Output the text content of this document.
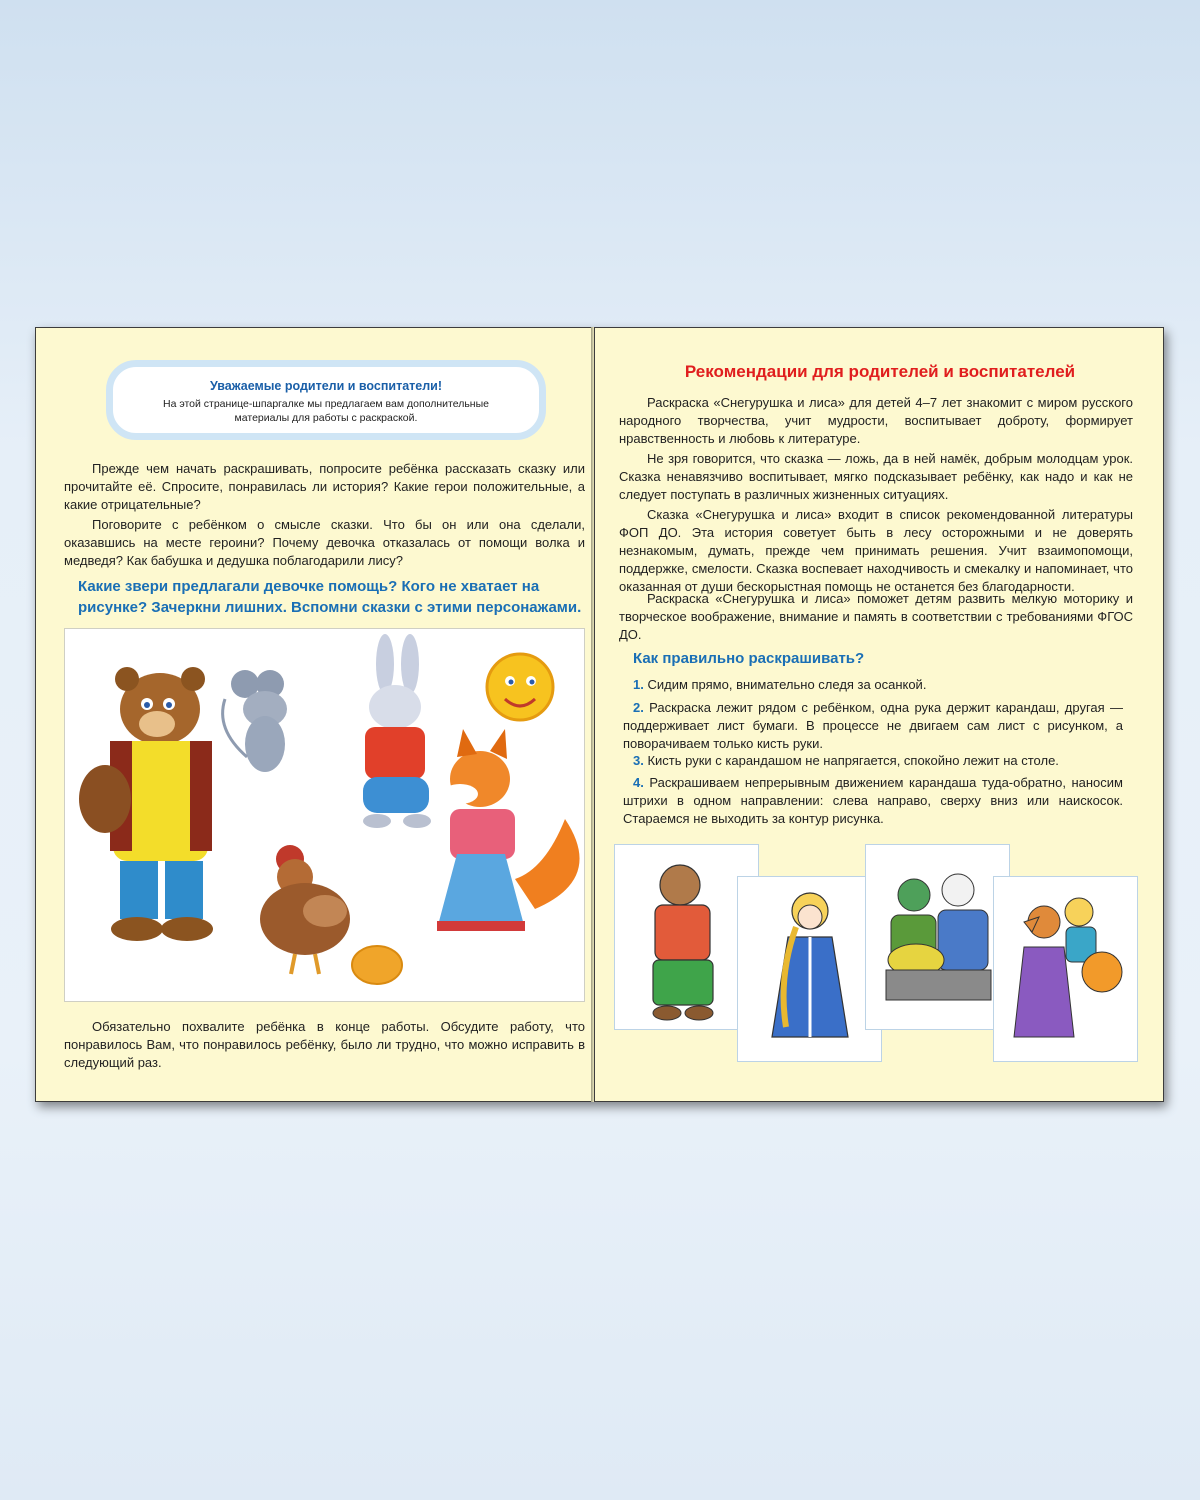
Уважаемые родители и воспитатели!
На этой странице-шпаргалке мы предлагаем вам дополнительные
материалы для работы с раскраской.

Прежде чем начать раскрашивать, попросите ребёнка рассказать сказку или прочитайте её. Спросите, понравилась ли история? Какие герои положительные, а какие отрицательные?

Поговорите с ребёнком о смысле сказки. Что бы он или она сделали, оказавшись на месте героини? Почему девочка отказалась от помощи волка и медведя? Как бабушка и дедушка поблагодарили лису?

Какие звери предлагали девочке помощь? Кого не хватает на рисунке? Зачеркни лишних. Вспомни сказки с этими персонажами.

Обязательно похвалите ребёнка в конце работы. Обсудите работу, что понравилось Вам, что понравилось ребёнку, было ли трудно, что можно исправить в следующий раз.

Рекомендации для родителей и воспитателей

Раскраска «Снегурушка и лиса» для детей 4–7 лет знакомит с миром русского народного творчества, учит мудрости, воспитывает доброту, формирует нравственность и любовь к литературе.

Не зря говорится, что сказка — ложь, да в ней намёк, добрым молодцам урок. Сказка ненавязчиво воспитывает, мягко подсказывает ребёнку, как надо и как не следует поступать в различных жизненных ситуациях.

Сказка «Снегурушка и лиса» входит в список рекомендованной литературы ФОП ДО. Эта история советует быть в лесу осторожными и не доверять незнакомым, думать, прежде чем принимать решения. Учит взаимопомощи, поддержке, смелости. Сказка воспевает находчивость и смекалку и напоминает, что оказанная от души бескорыстная помощь не останется без благодарности.

Раскраска «Снегурушка и лиса» поможет детям развить мелкую моторику и творческое воображение, внимание и память в соответствии с требованиями ФГОС ДО.

Как правильно раскрашивать?

1. Сидим прямо, внимательно следя за осанкой.

2. Раскраска лежит рядом с ребёнком, одна рука держит карандаш, другая — поддерживает лист бумаги. В процессе не двигаем сам лист с рисунком, а поворачиваем только кисть руки.

3. Кисть руки с карандашом не напрягается, спокойно лежит на столе.

4. Раскрашиваем непрерывным движением карандаша туда-обратно, наносим штрихи в одном направлении: слева направо, сверху вниз или наискосок. Стараемся не выходить за контур рисунка.
